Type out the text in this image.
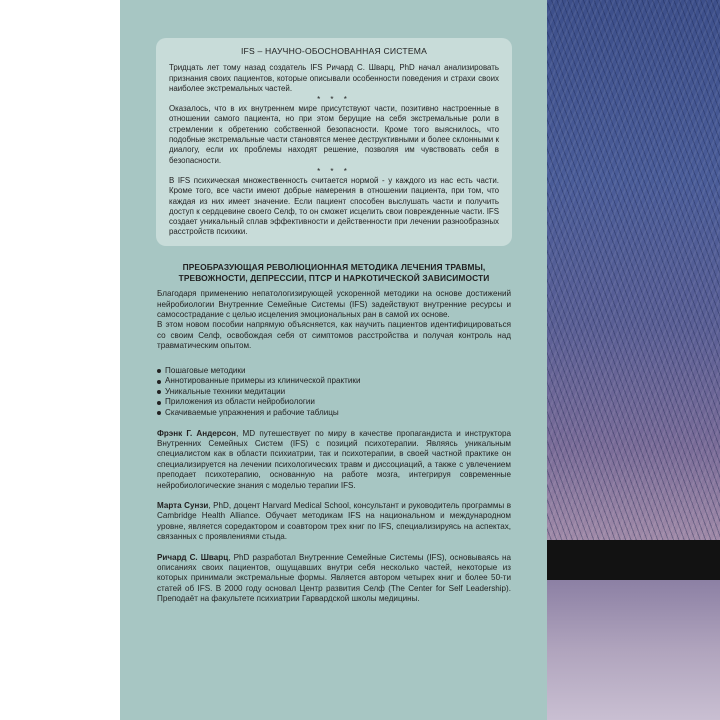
IFS – НАУЧНО-ОБОСНОВАННАЯ СИСТЕМА

Тридцать лет тому назад создатель IFS Ричард С. Шварц, PhD начал анализировать признания своих пациентов, которые описывали особенности поведения и страхи своих наиболее экстремальных частей.

* * *

Оказалось, что в их внутреннем мире присутствуют части, позитивно настроенные в отношении самого пациента, но при этом берущие на себя экстремальные роли в стремлении к обретению собственной безопасности. Кроме того выяснилось, что подобные экстремальные части становятся менее деструктивными и более склонными к диалогу, если их проблемы находят решение, позволяя им чувствовать себя в безопасности.

* * *

В IFS психическая множественность считается нормой - у каждого из нас есть части. Кроме того, все части имеют добрые намерения в отношении пациента, при том, что каждая из них имеет значение. Если пациент способен выслушать части и получить доступ к сердцевине своего Селф, то он сможет исцелить свои поврежденные части. IFS создает уникальный сплав эффективности и действенности при лечении разнообразных расстройств психики.

ПРЕОБРАЗУЮЩАЯ РЕВОЛЮЦИОННАЯ МЕТОДИКА ЛЕЧЕНИЯ ТРАВМЫ, ТРЕВОЖНОСТИ, ДЕПРЕССИИ, ПТСР И НАРКОТИЧЕСКОЙ ЗАВИСИМОСТИ

Благодаря применению непатологизирующей ускоренной методики на основе достижений нейробиологии Внутренние Семейные Системы (IFS) задействуют внутренние ресурсы и самосострадание с целью исцеления эмоциональных ран в самой их основе.

В этом новом пособии напрямую объясняется, как научить пациентов идентифицироваться со своим Селф, освобождая себя от симптомов расстройства и получая контроль над травматическим опытом.

Пошаговые методики
Аннотированные примеры из клинической практики
Уникальные техники медитации
Приложения из области нейробиологии
Скачиваемые упражнения и рабочие таблицы

Фрэнк Г. Андерсон, MD путешествует по миру в качестве пропагандиста и инструктора Внутренних Семейных Систем (IFS) с позиций психотерапии. Являясь уникальным специалистом как в области психиатрии, так и психотерапии, в своей частной практике он специализируется на лечении психологических травм и диссоциаций, а также с увлечением преподает психотерапию, основанную на работе мозга, интегрируя современные нейробиологические знания с моделью терапии IFS.

Марта Сунзи, PhD, доцент Harvard Medical School, консультант и руководитель программы в Cambridge Health Alliance. Обучает методикам IFS на национальном и международном уровне, является соредактором и соавтором трех книг по IFS, специализируясь на аспектах, связанных с проявлениями стыда.

Ричард С. Шварц, PhD разработал Внутренние Семейные Системы (IFS), основываясь на описаниях своих пациентов, ощущавших внутри себя несколько частей, некоторые из которых принимали экстремальные формы. Является автором четырех книг и более 50-ти статей об IFS. В 2000 году основал Центр развития Селф (The Center for Self Leadership). Преподаёт на факультете психиатрии Гарвардской школы медицины.
